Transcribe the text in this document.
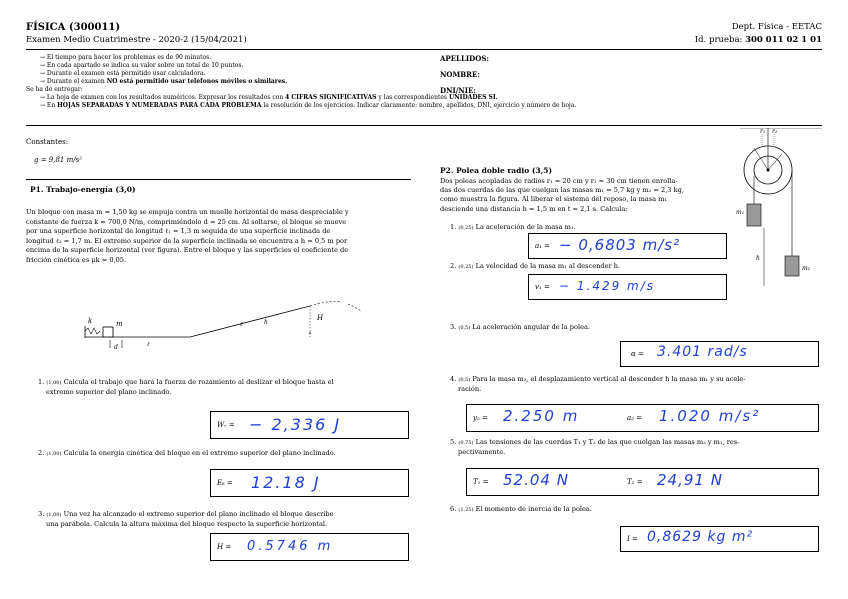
FÍSICA (300011)
Examen Medio Cuatrimestre - 2020-2 (15/04/2021)
Dept. Física - EETAC
Id. prueba: 300 011 02 1 01
→ El tiempo para hacer los problemas es de 90 minutos.
→ En cada apartado se indica su valor sobre un total de 10 puntos.
→ Durante el examen está permitido usar calculadora.
→ Durante el examen NO está permitido usar teléfonos móviles o similares.
Se ha de entregar:
→ La hoja de examen con los resultados numéricos. Expresar los resultados con 4 CIFRAS SIGNIFICATIVAS y las correspondientes UNIDADES SI.
→ En HOJAS SEPARADAS Y NUMERADAS PARA CADA PROBLEMA la resolución de los ejercicios. Indicar claramente: nombre, apellidos, DNI, ejercicio y número de hoja.
APELLIDOS:
NOMBRE:
DNI/NIE:
Constantes:
g = 9,81 m/s²
P1. Trabajo-energía (3,0)
Un bloque con masa m = 1,50 kg se empuja contra un muelle horizontal de masa despreciable y
constante de fuerza k = 700,0 N/m, comprimiéndolo d = 25 cm. Al soltarse, el bloque se mueve
por una superficie horizontal de longitud ℓ₁ = 1,3 m seguida de una superficie inclinada de
longitud ℓ₂ = 1,7 m. El extremo superior de la superficie inclinada se encuentra a h = 0,5 m por
encima de la superficie horizontal (ver figura). Entre el bloque y las superficies el coeficiente de
fricción cinética es μk = 0,05.
k	m
d	ℓ
ℓ	h
H
1. (1,00) Calcula el trabajo que hará la fuerza de rozamiento al deslizar el bloque hasta el
extremo superior del plano inclinado.
Wᵣ = − 2,336 J
2. (1,00) Calcula la energía cinética del bloque en el extremo superior del plano inclinado.
Eₖ = 12.18 J
3. (1,00) Una vez ha alcanzado el extremo superior del plano inclinado el bloque describe
una parábola. Calcula la altura máxima del bloque respecto la superficie horizontal.
H = 0.5746 m
P2. Polea doble radio (3,5)
Dos poleas acopladas de radios r₁ = 20 cm y r₂ = 30 cm tienen enrolla-
das dos cuerdas de las que cuelgan las masas m₁ = 5,7 kg y m₂ = 2,3 kg,
como muestra la figura. Al liberar el sistema del reposo, la masa m₁
desciende una distancia h = 1,5 m en t = 2,1 s. Calcula:
r₁ r₂
m₁
m₂
h
1. (0,25) La aceleración de la masa m₁.
a₁ = − 0,6803 m/s²
2. (0,25) La velocidad de la masa m₁ al descender h.
v₁ = − 1.429 m/s
3. (0,5) La aceleración angular de la polea.
α = 3.401 rad/s
4. (0,5) Para la masa m₂, el desplazamiento vertical al descender h la masa m₁ y su acele-
ración.
y₂ = 2.250 m	a₂ = 1.020 m/s²
5. (0,75) Las tensiones de las cuerdas T₁ y T₂ de las que cuelgan las masas m₂ y m₁, res-
pectivamente.
T₁ = 52.04 N	T₂ = 24,91 N
6. (1,25) El momento de inercia de la polea.
I = 0,8629 kg m²
